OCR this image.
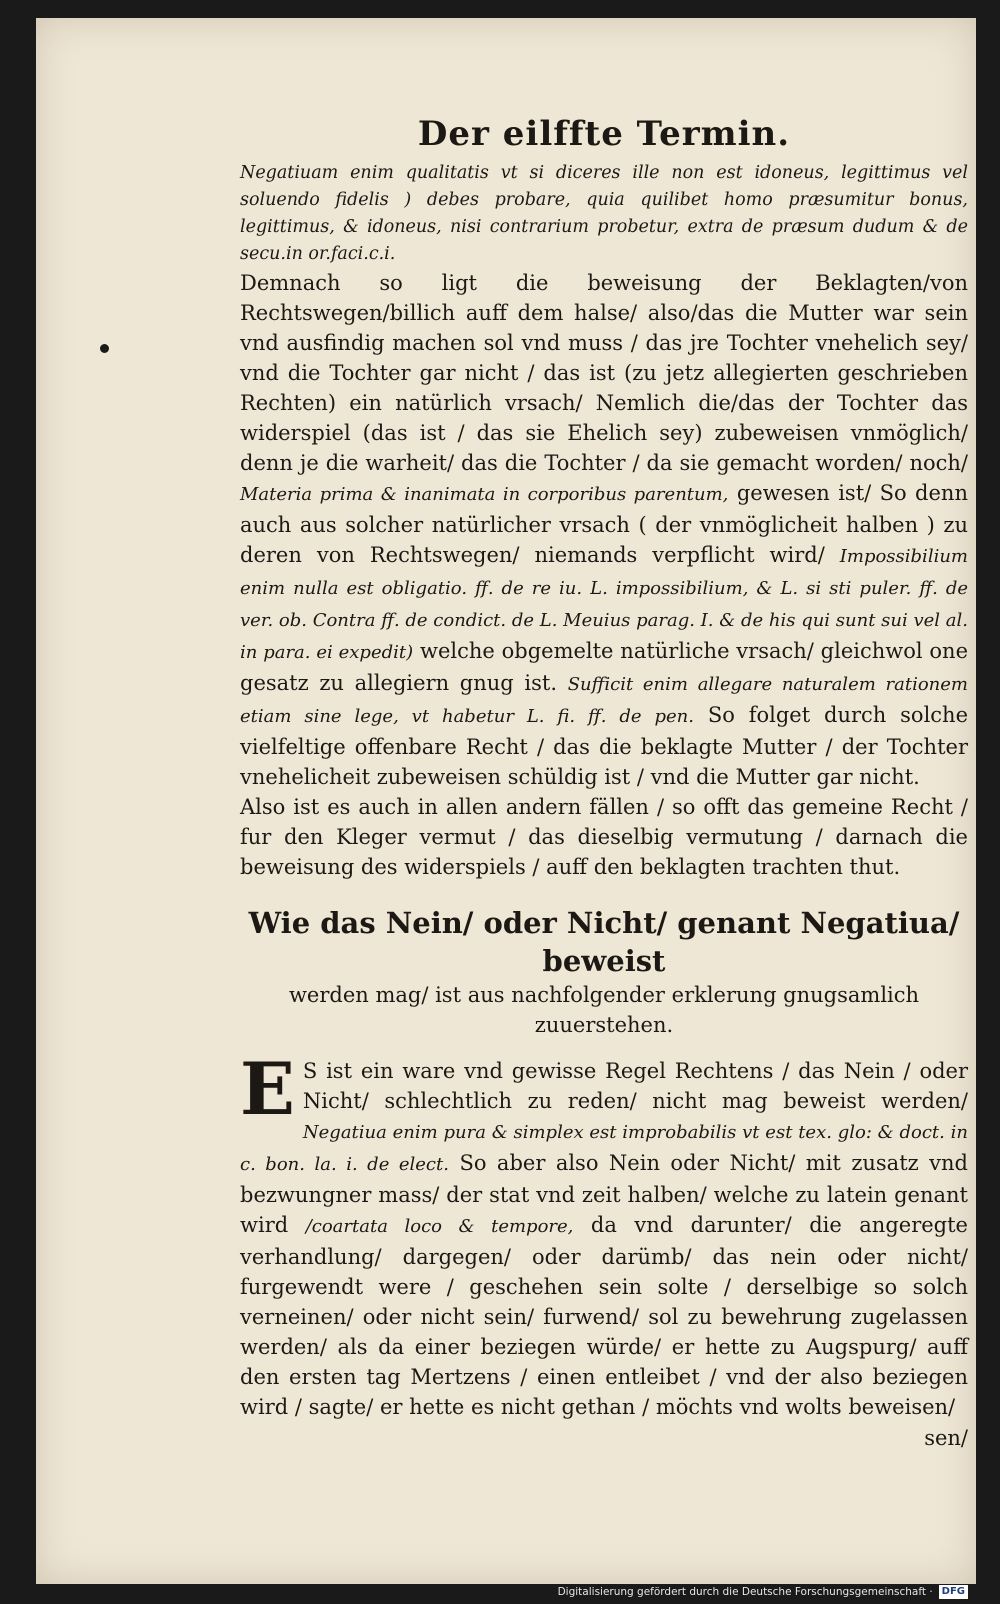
Der eilffte Termin.

Negatiuam enim qualitatis vt si diceres ille non est idoneus, legittimus vel soluendo fidelis ) debes probare, quia quilibet homo præsumitur bonus, legittimus, & idoneus, nisi contrarium probetur, extra de præsum dudum & de secu.in or.faci.c.i.

Demnach so ligt die beweisung der Beklagten/von Rechtswegen/billich auff dem halse/ also/das die Mutter war sein vnd ausfindig machen sol vnd muss / das jre Tochter vnehelich sey/ vnd die Tochter gar nicht / das ist (zu jetz allegierten geschrieben Rechten) ein natürlich vrsach/ Nemlich die/das der Tochter das widerspiel (das ist / das sie Ehelich sey) zubeweisen vnmöglich/ denn je die warheit/ das die Tochter / da sie gemacht worden/ noch/ Materia prima & inanimata in corporibus parentum, gewesen ist/ So denn auch aus solcher natürlicher vrsach ( der vnmöglicheit halben ) zu deren von Rechtswegen/ niemands verpflicht wird/ Impossibilium enim nulla est obligatio. ff. de re iu. L. impossibilium, & L. si sti puler. ff. de ver. ob. Contra ff. de condict. de L. Meuius parag. I. & de his qui sunt sui vel al. in para. ei expedit) welche obgemelte natürliche vrsach/ gleichwol one gesatz zu allegiern gnug ist. Sufficit enim allegare naturalem rationem etiam sine lege, vt habetur L. fi. ff. de pen. So folget durch solche vielfeltige offenbare Recht / das die beklagte Mutter / der Tochter vnehelicheit zubeweisen schüldig ist / vnd die Mutter gar nicht.

Also ist es auch in allen andern fällen / so offt das gemeine Recht / fur den Kleger vermut / das dieselbig vermutung / darnach die beweisung des widerspiels / auff den beklagten trachten thut.

Wie das Nein/ oder Nicht/ genant Negatiua/ beweist
werden mag/ ist aus nachfolgender erklerung gnugsamlich zuuerstehen.

E S ist ein ware vnd gewisse Regel Rechtens / das Nein / oder Nicht/ schlechtlich zu reden/ nicht mag beweist werden/ Negatiua enim pura & simplex est improbabilis vt est tex. glo: & doct. in c. bon. la. i. de elect. So aber also Nein oder Nicht/ mit zusatz vnd bezwungner mass/ der stat vnd zeit halben/ welche zu latein genant wird /coartata loco & tempore, da vnd darunter/ die angeregte verhandlung/ dargegen/ oder darümb/ das nein oder nicht/ furgewendt were / geschehen sein solte / derselbige so solch verneinen/ oder nicht sein/ furwend/ sol zu bewehrung zugelassen werden/ als da einer beziegen würde/ er hette zu Augspurg/ auff den ersten tag Mertzens / einen entleibet / vnd der also beziegen wird / sagte/ er hette es nicht gethan / möchts vnd wolts beweisen/

sen/
Digitalisierung gefördert durch die Deutsche Forschungsgemeinschaft · DFG
